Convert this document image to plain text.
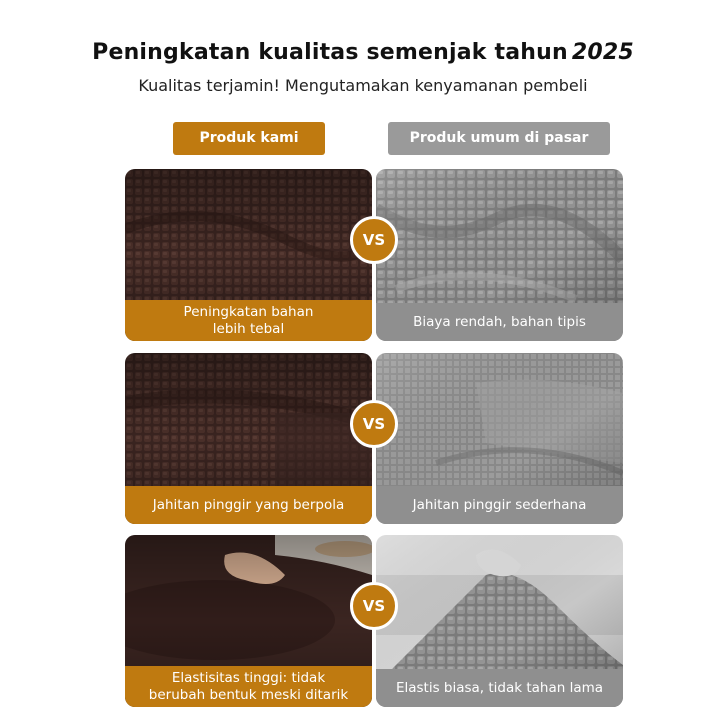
Peningkatan kualitas semenjak tahun 2025
Kualitas terjamin! Mengutamakan kenyamanan pembeli
Produk kami	Produk umum di pasar
Peningkatan bahan
lebih tebal	Biaya rendah, bahan tipis
VS
Jahitan pinggir yang berpola	Jahitan pinggir sederhana
VS
Elastisitas tinggi: tidak
berubah bentuk meski ditarik	Elastis biasa, tidak tahan lama
VS
